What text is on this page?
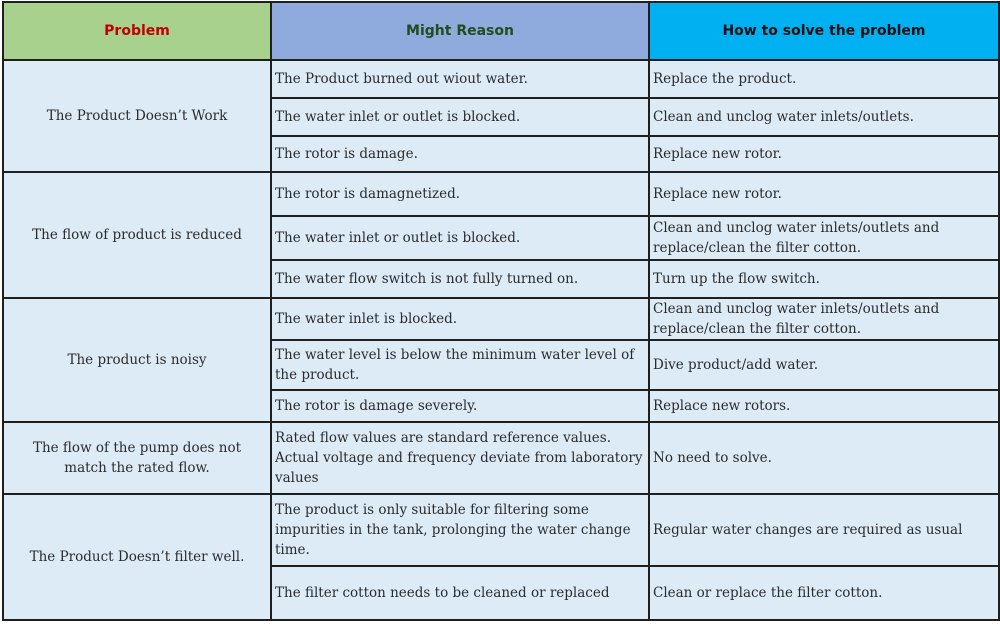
Problem	Might Reason	How to solve the problem
The Product Doesn’t Work	The Product burned out wiout water.	Replace the product.
	The water inlet or outlet is blocked.	Clean and unclog water inlets/outlets.
	The rotor is damage.	Replace new rotor.
The flow of product is reduced	The rotor is damagnetized.	Replace new rotor.
	The water inlet or outlet is blocked.	Clean and unclog water inlets/outlets and replace/clean the filter cotton.
	The water flow switch is not fully turned on.	Turn up the flow switch.
The product is noisy	The water inlet is blocked.	Clean and unclog water inlets/outlets and replace/clean the filter cotton.
	The water level is below the minimum water level of the product.	Dive product/add water.
	The rotor is damage severely.	Replace new rotors.
The flow of the pump does not match the rated flow.	Rated flow values are standard reference values. Actual voltage and frequency deviate from laboratory values	No need to solve.
The Product Doesn’t filter well.	The product is only suitable for filtering some impurities in the tank, prolonging the water change time.	Regular water changes are required as usual
	The filter cotton needs to be cleaned or replaced	Clean or replace the filter cotton.
